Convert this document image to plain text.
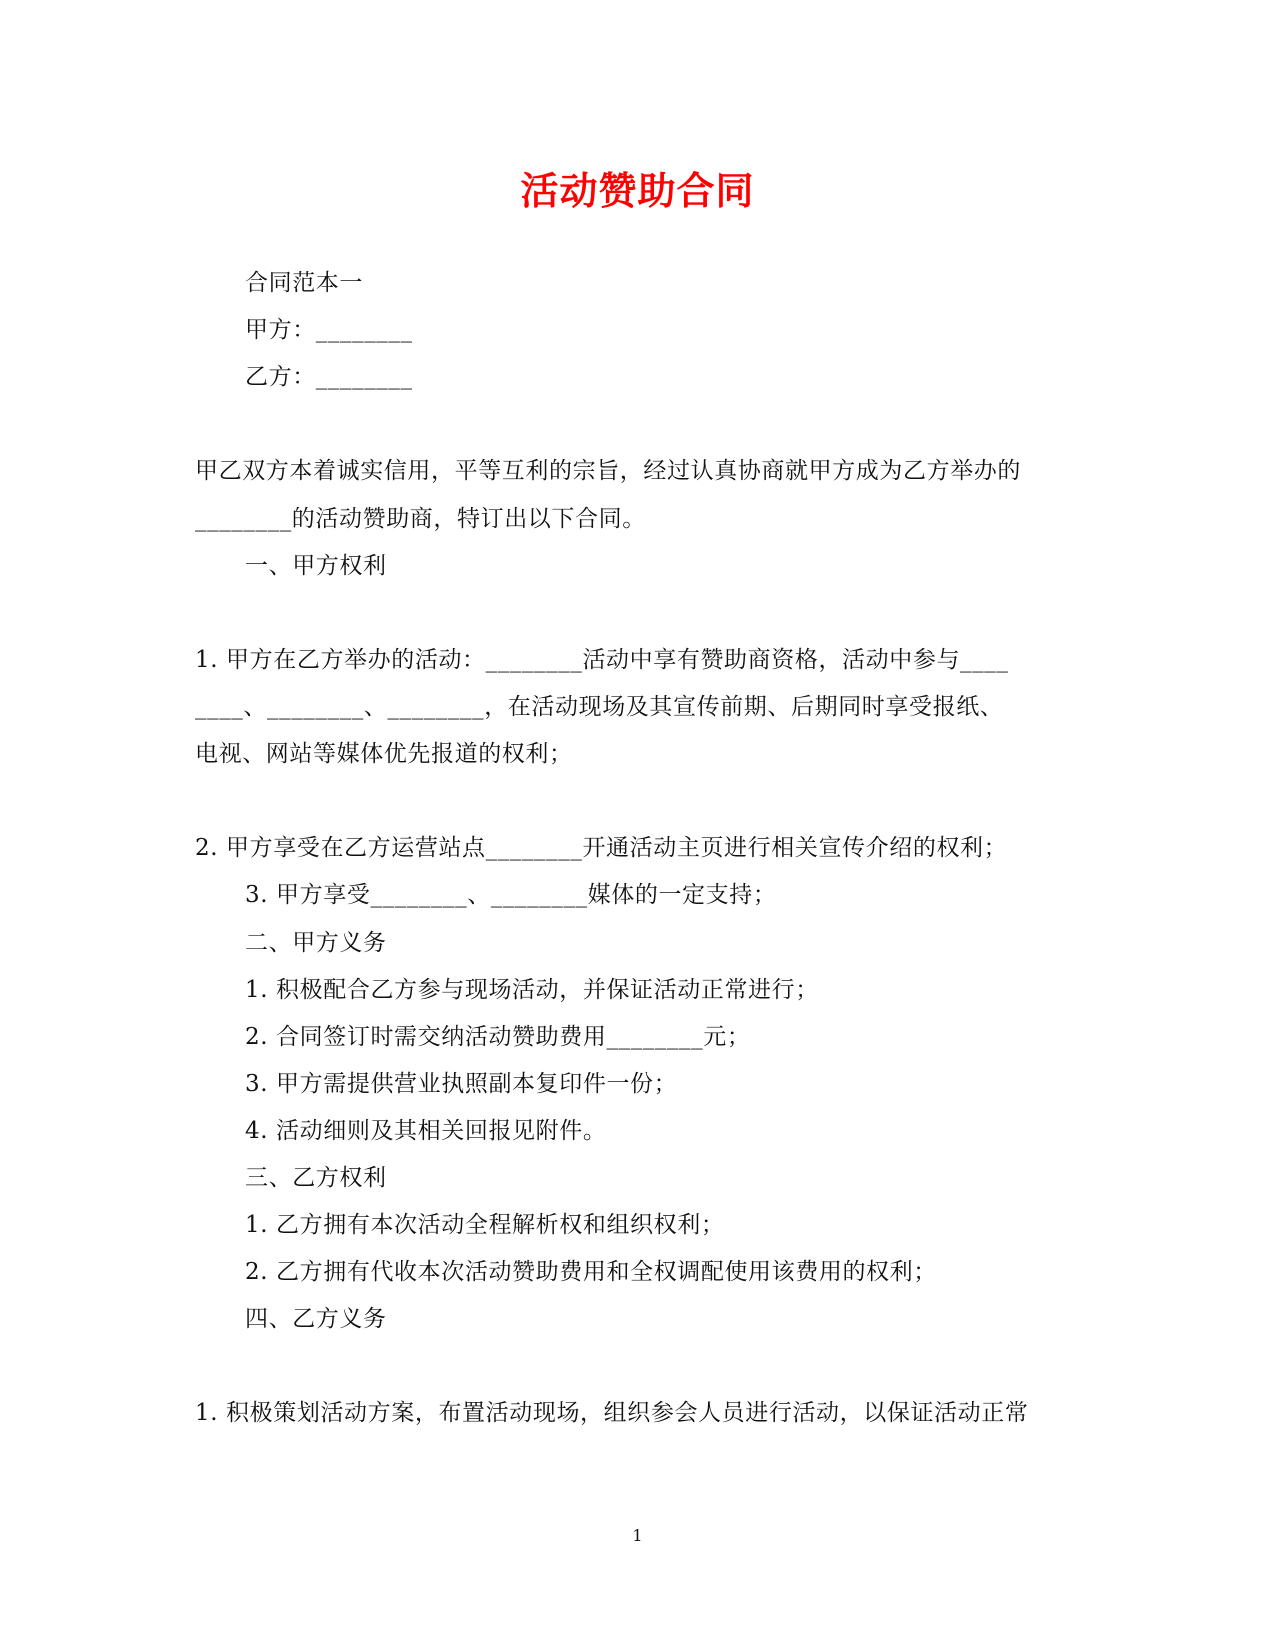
活动赞助合同
合同范本一
甲方：________
乙方：________
甲乙双方本着诚实信用，平等互利的宗旨，经过认真协商就甲方成为乙方举办的
________的活动赞助商，特订出以下合同。
一、甲方权利
1. 甲方在乙方举办的活动：________活动中享有赞助商资格，活动中参与____
____、________、________，在活动现场及其宣传前期、后期同时享受报纸、
电视、网站等媒体优先报道的权利；
2. 甲方享受在乙方运营站点________开通活动主页进行相关宣传介绍的权利；
3. 甲方享受________、________媒体的一定支持；
二、甲方义务
1. 积极配合乙方参与现场活动，并保证活动正常进行；
2. 合同签订时需交纳活动赞助费用________元；
3. 甲方需提供营业执照副本复印件一份；
4. 活动细则及其相关回报见附件。
三、乙方权利
1. 乙方拥有本次活动全程解析权和组织权利；
2. 乙方拥有代收本次活动赞助费用和全权调配使用该费用的权利；
四、乙方义务
1. 积极策划活动方案，布置活动现场，组织参会人员进行活动，以保证活动正常
1
